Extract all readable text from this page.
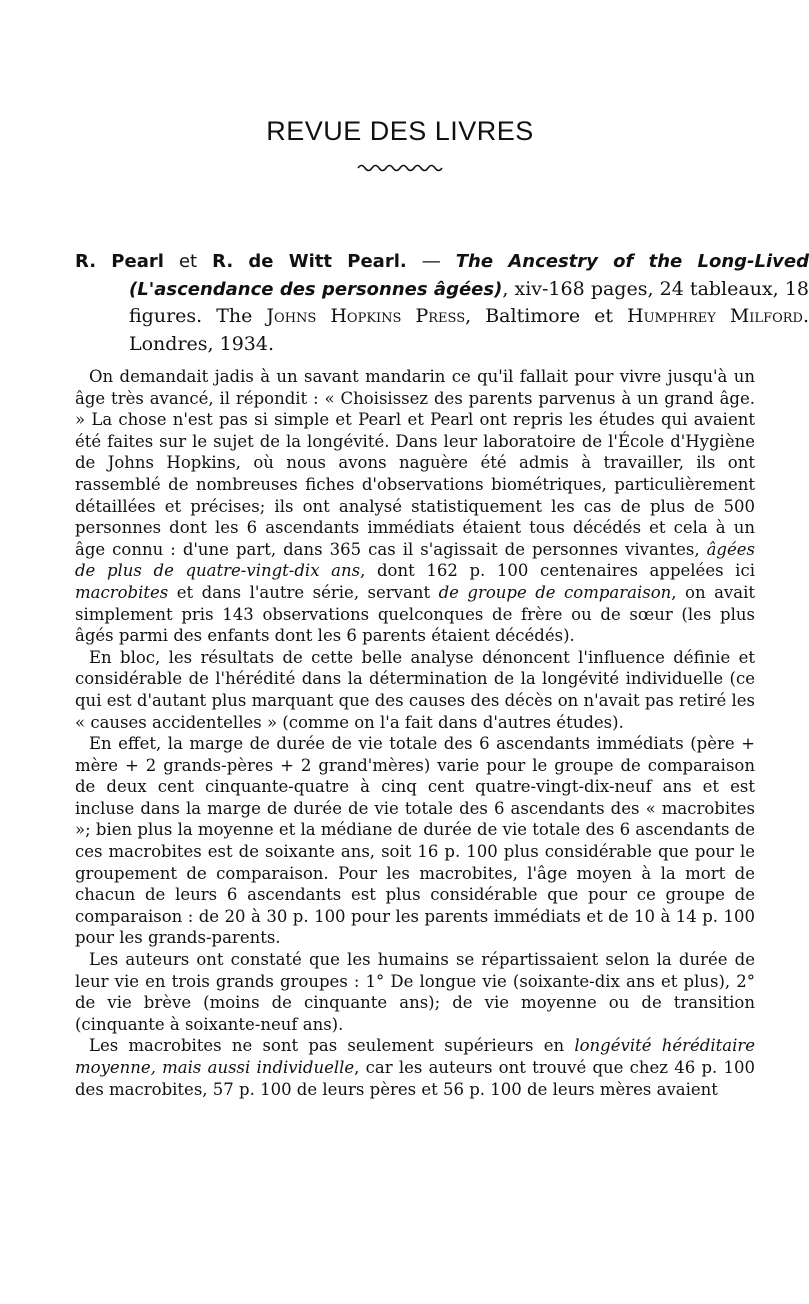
REVUE DES LIVRES

R. Pearl et R. de Witt Pearl. — The Ancestry of the Long-Lived (L'ascendance des personnes âgées), xiv-168 pages, 24 tableaux, 18 figures. The Johns Hopkins Press, Baltimore et Humphrey Milford. Londres, 1934.

On demandait jadis à un savant mandarin ce qu'il fallait pour vivre jusqu'à un âge très avancé, il répondit : « Choisissez des parents parvenus à un grand âge. » La chose n'est pas si simple et Pearl et Pearl ont repris les études qui avaient été faites sur le sujet de la longévité. Dans leur laboratoire de l'École d'Hygiène de Johns Hopkins, où nous avons naguère été admis à travailler, ils ont rassemblé de nombreuses fiches d'observations biométriques, particulièrement détaillées et précises; ils ont analysé statistiquement les cas de plus de 500 personnes dont les 6 ascendants immédiats étaient tous décédés et cela à un âge connu : d'une part, dans 365 cas il s'agissait de personnes vivantes, âgées de plus de quatre-vingt-dix ans, dont 162 p. 100 centenaires appelées ici macrobites et dans l'autre série, servant de groupe de comparaison, on avait simplement pris 143 observations quelconques de frère ou de sœur (les plus âgés parmi des enfants dont les 6 parents étaient décédés).

En bloc, les résultats de cette belle analyse dénoncent l'influence définie et considérable de l'hérédité dans la détermination de la longévité individuelle (ce qui est d'autant plus marquant que des causes des décès on n'avait pas retiré les « causes accidentelles » (comme on l'a fait dans d'autres études).

En effet, la marge de durée de vie totale des 6 ascendants immédiats (père + mère + 2 grands-pères + 2 grand'mères) varie pour le groupe de comparaison de deux cent cinquante-quatre à cinq cent quatre-vingt-dix-neuf ans et est incluse dans la marge de durée de vie totale des 6 ascendants des « macrobites »; bien plus la moyenne et la médiane de durée de vie totale des 6 ascendants de ces macrobites est de soixante ans, soit 16 p. 100 plus considérable que pour le groupement de comparaison. Pour les macrobites, l'âge moyen à la mort de chacun de leurs 6 ascendants est plus considérable que pour ce groupe de comparaison : de 20 à 30 p. 100 pour les parents immédiats et de 10 à 14 p. 100 pour les grands-parents.

Les auteurs ont constaté que les humains se répartissaient selon la durée de leur vie en trois grands groupes : 1° De longue vie (soixante-dix ans et plus), 2° de vie brève (moins de cinquante ans); de vie moyenne ou de transition (cinquante à soixante-neuf ans).

Les macrobites ne sont pas seulement supérieurs en longévité héréditaire moyenne, mais aussi individuelle, car les auteurs ont trouvé que chez 46 p. 100 des macrobites, 57 p. 100 de leurs pères et 56 p. 100 de leurs mères avaient
